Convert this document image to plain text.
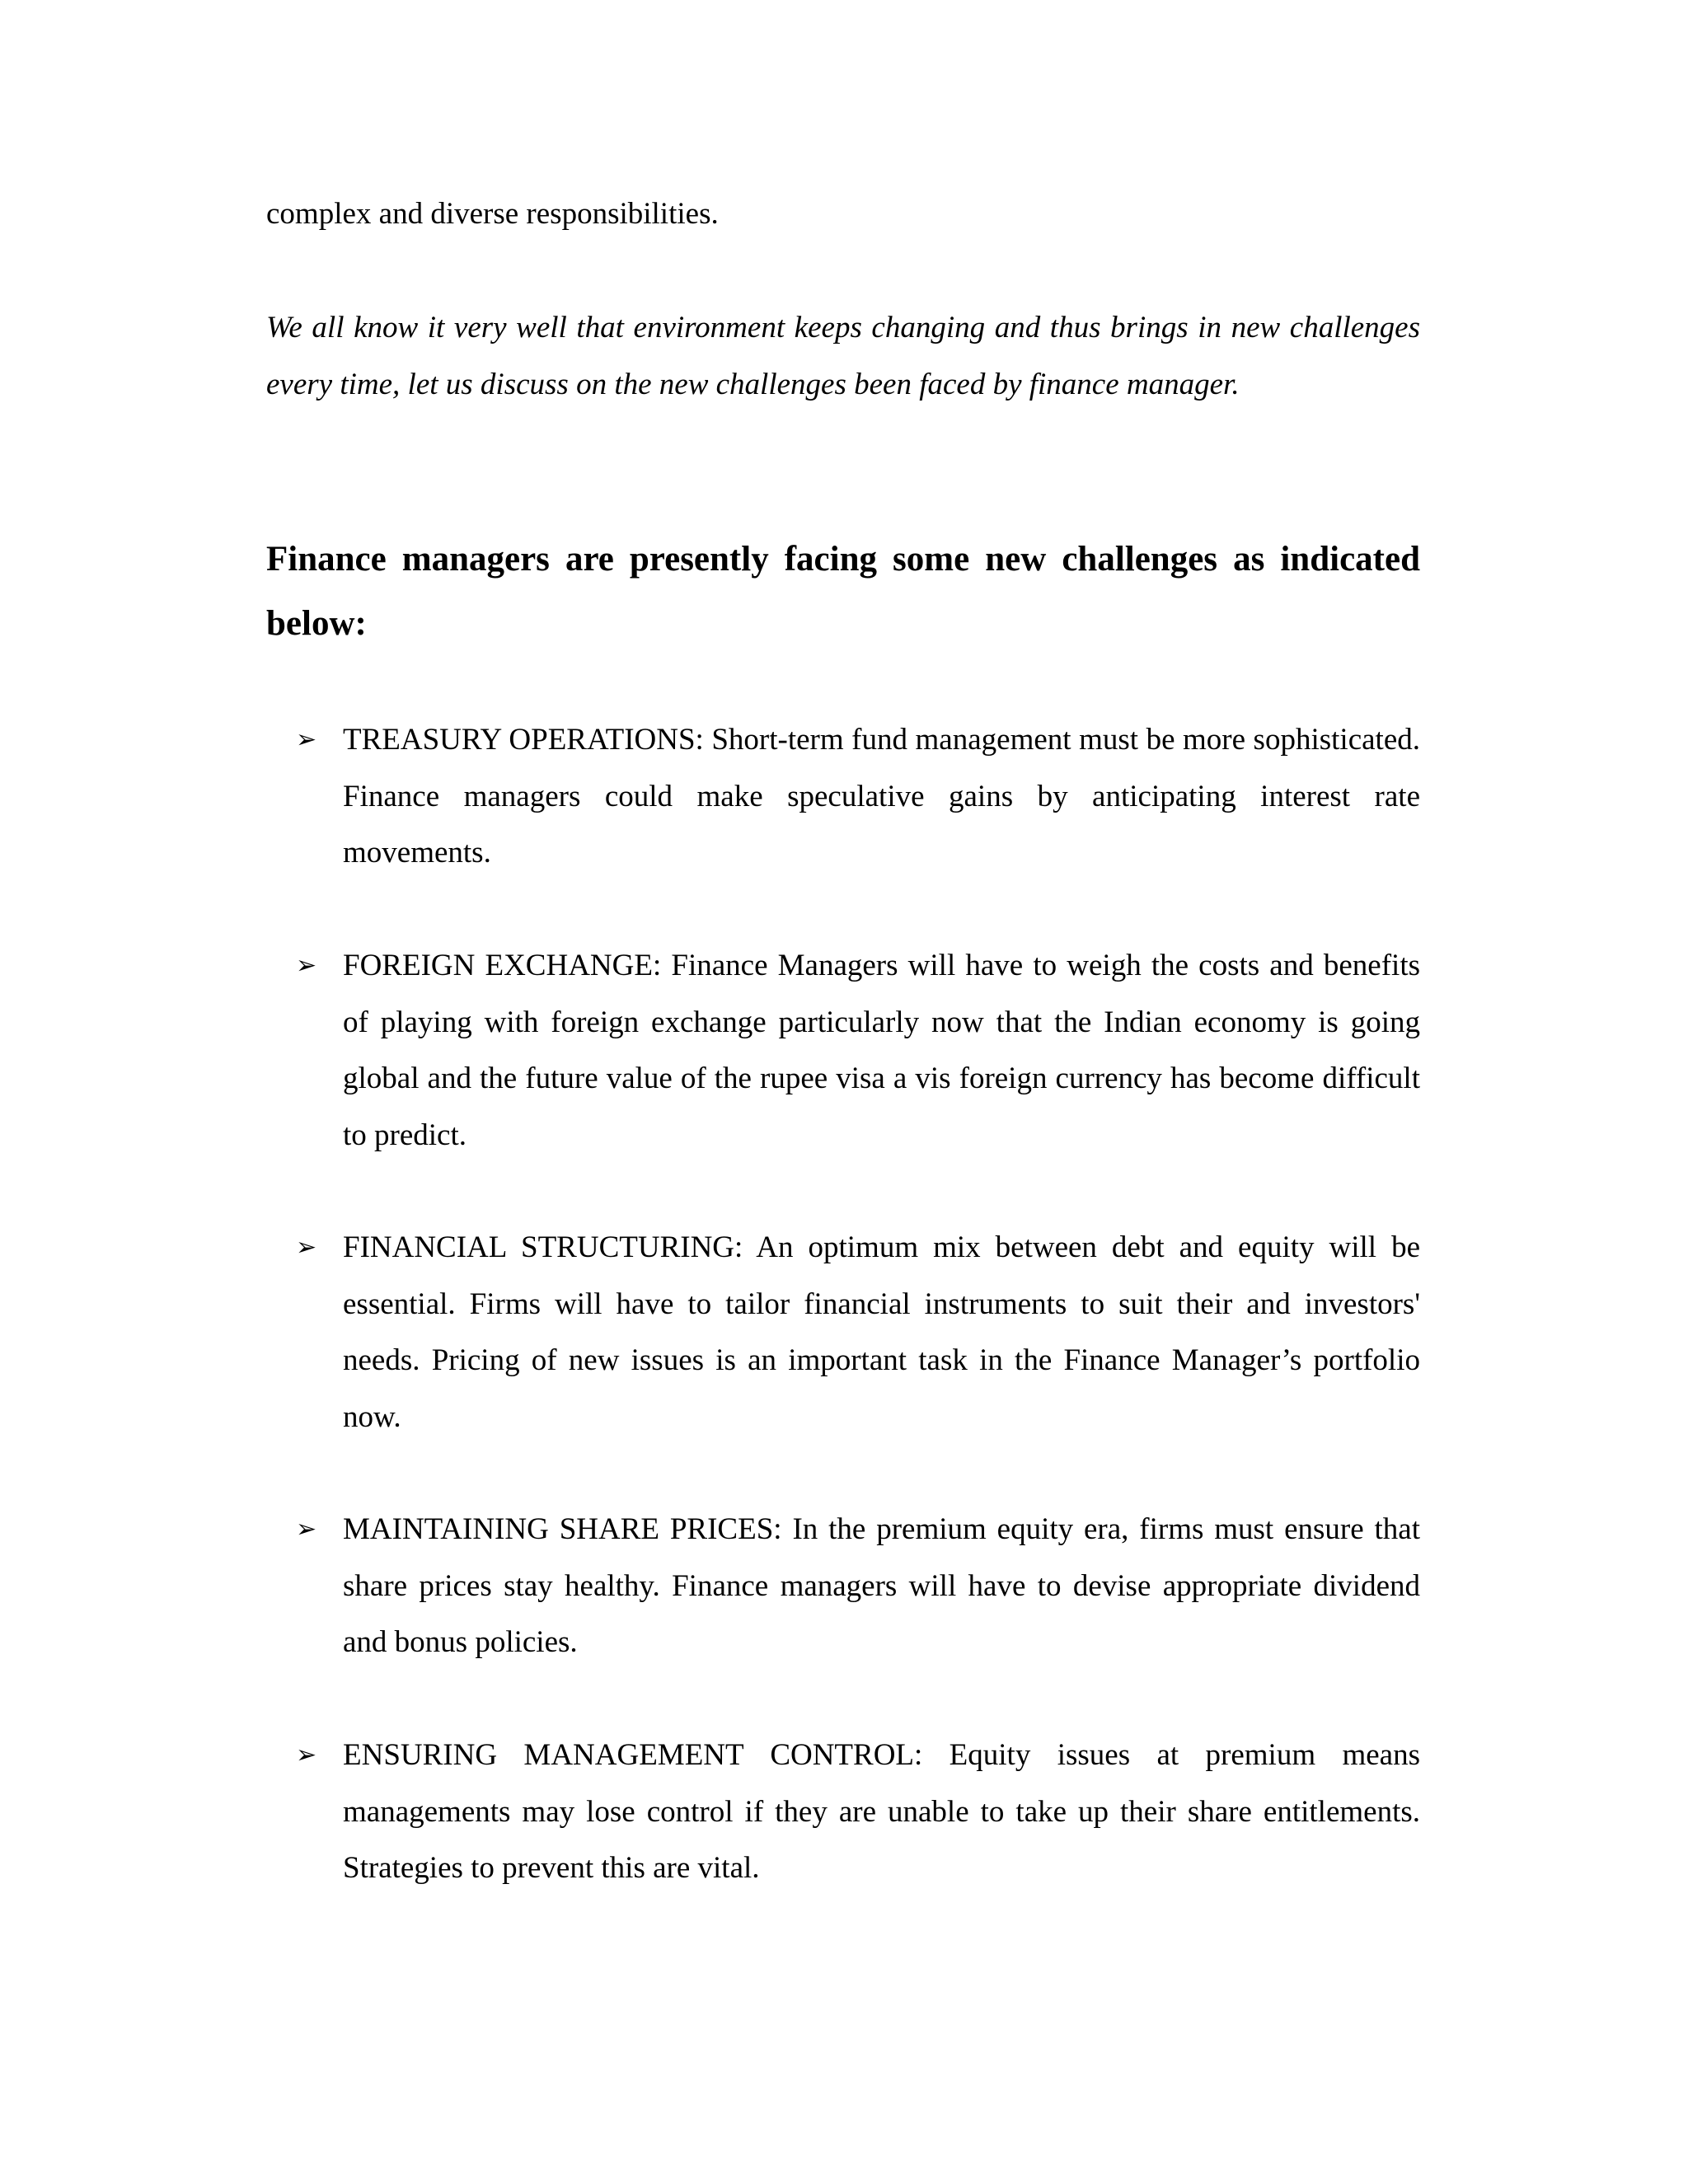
complex and diverse responsibilities.

We all know it very well that environment keeps changing and thus brings in new challenges every time, let us discuss on the new challenges been faced by finance manager.

Finance managers are presently facing some new challenges as indicated below:
➢ TREASURY OPERATIONS: Short-term fund management must be more sophisticated. Finance managers could make speculative gains by anticipating interest rate movements.

➢ FOREIGN EXCHANGE: Finance Managers will have to weigh the costs and benefits of playing with foreign exchange particularly now that the Indian economy is going global and the future value of the rupee visa a vis foreign currency has become difficult to predict.

➢ FINANCIAL STRUCTURING: An optimum mix between debt and equity will be essential. Firms will have to tailor financial instruments to suit their and investors' needs. Pricing of new issues is an important task in the Finance Manager’s portfolio now.

➢ MAINTAINING SHARE PRICES: In the premium equity era, firms must ensure that share prices stay healthy. Finance managers will have to devise appropriate dividend and bonus policies.

➢ ENSURING MANAGEMENT CONTROL: Equity issues at premium means managements may lose control if they are unable to take up their share entitlements. Strategies to prevent this are vital.
